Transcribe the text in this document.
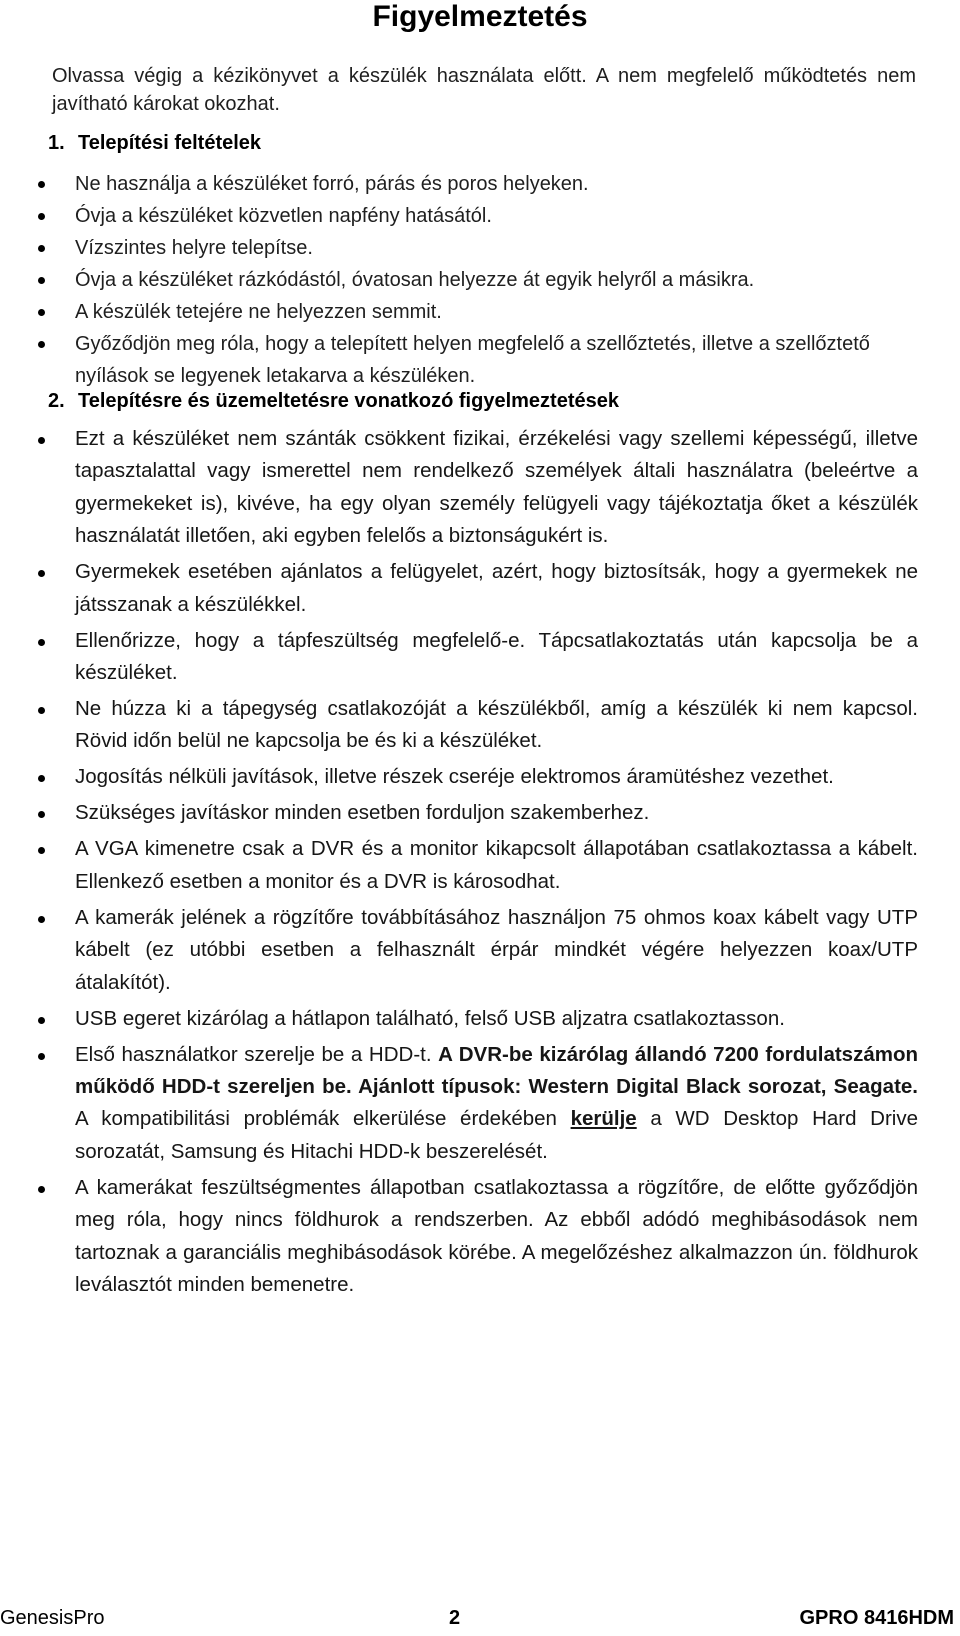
Figyelmeztetés
Olvassa végig a kézikönyvet a készülék használata előtt. A nem megfelelő működtetés nem javítható károkat okozhat.
1. Telepítési feltételek
Ne használja a készüléket forró, párás és poros helyeken.
Óvja a készüléket közvetlen napfény hatásától.
Vízszintes helyre telepítse.
Óvja a készüléket rázkódástól, óvatosan helyezze át egyik helyről a másikra.
A készülék tetejére ne helyezzen semmit.
Győződjön meg róla, hogy a telepített helyen megfelelő a szellőztetés, illetve a szellőztető nyílások se legyenek letakarva a készüléken.
2. Telepítésre és üzemeltetésre vonatkozó figyelmeztetések
Ezt a készüléket nem szánták csökkent fizikai, érzékelési vagy szellemi képességű, illetve tapasztalattal vagy ismerettel nem rendelkező személyek általi használatra (beleértve a gyermekeket is), kivéve, ha egy olyan személy felügyeli vagy tájékoztatja őket a készülék használatát illetően, aki egyben felelős a biztonságukért is.
Gyermekek esetében ajánlatos a felügyelet, azért, hogy biztosítsák, hogy a gyermekek ne játsszanak a készülékkel.
Ellenőrizze, hogy a tápfeszültség megfelelő-e. Tápcsatlakoztatás után kapcsolja be a készüléket.
Ne húzza ki a tápegység csatlakozóját a készülékből, amíg a készülék ki nem kapcsol. Rövid időn belül ne kapcsolja be és ki a készüléket.
Jogosítás nélküli javítások, illetve részek cseréje elektromos áramütéshez vezethet.
Szükséges javításkor minden esetben forduljon szakemberhez.
A VGA kimenetre csak a DVR és a monitor kikapcsolt állapotában csatlakoztassa a kábelt. Ellenkező esetben a monitor és a DVR is károsodhat.
A kamerák jelének a rögzítőre továbbításához használjon 75 ohmos koax kábelt vagy UTP kábelt (ez utóbbi esetben a felhasznált érpár mindkét végére helyezzen koax/UTP átalakítót).
USB egeret kizárólag a hátlapon található, felső USB aljzatra csatlakoztasson.
Első használatkor szerelje be a HDD-t. A DVR-be kizárólag állandó 7200 fordulatszámon működő HDD-t szereljen be. Ajánlott típusok: Western Digital Black sorozat, Seagate. A kompatibilitási problémák elkerülése érdekében kerülje a WD Desktop Hard Drive sorozatát, Samsung és Hitachi HDD-k beszerelését.
A kamerákat feszültségmentes állapotban csatlakoztassa a rögzítőre, de előtte győződjön meg róla, hogy nincs földhurok a rendszerben. Az ebből adódó meghibásodások nem tartoznak a garanciális meghibásodások körébe. A megelőzéshez alkalmazzon ún. földhurok leválasztót minden bemenetre.
GenesisPro	2	GPRO 8416HDM
